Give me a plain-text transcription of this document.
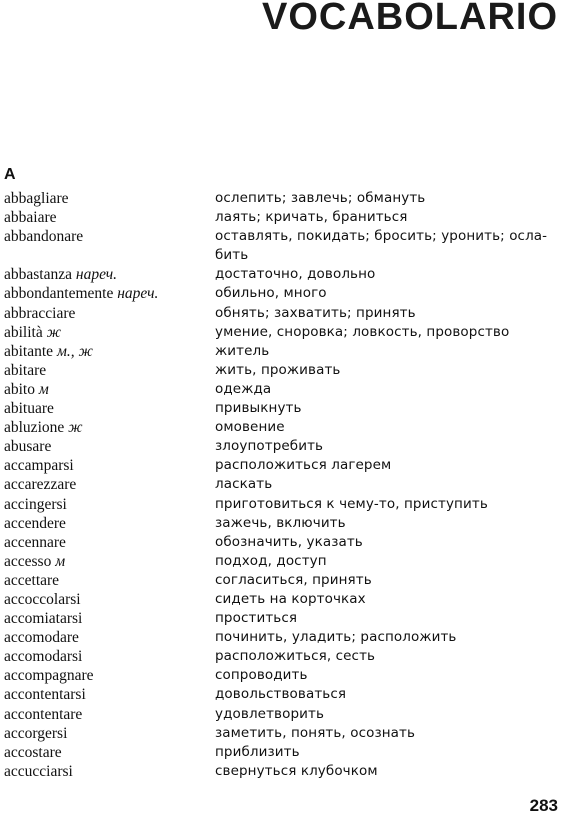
VOCABOLARIO
A
abbagliare	ослепить; завлечь; обмануть
abbaiare	лаять; кричать, браниться
abbandonare	оставлять, покидать; бросить; уронить; осла-
бить
abbastanza нареч.	достаточно, довольно
abbondantemente нареч.	обильно, много
abbracciare	обнять; захватить; принять
abilità ж	умение, сноровка; ловкость, проворство
abitante м., ж	житель
abitare	жить, проживать
abito м	одежда
abituare	привыкнуть
abluzione ж	омовение
abusare	злоупотребить
accamparsi	расположиться лагерем
accarezzare	ласкать
accingersi	приготовиться к чему-то, приступить
accendere	зажечь, включить
accennare	обозначить, указать
accesso м	подход, доступ
accettare	согласиться, принять
accoccolarsi	сидеть на корточках
accomiatarsi	проститься
accomodare	починить, уладить; расположить
accomodarsi	расположиться, сесть
accompagnare	сопроводить
accontentarsi	довольствоваться
accontentare	удовлетворить
accorgersi	заметить, понять, осознать
accostare	приблизить
accucciarsi	свернуться клубочком
283
